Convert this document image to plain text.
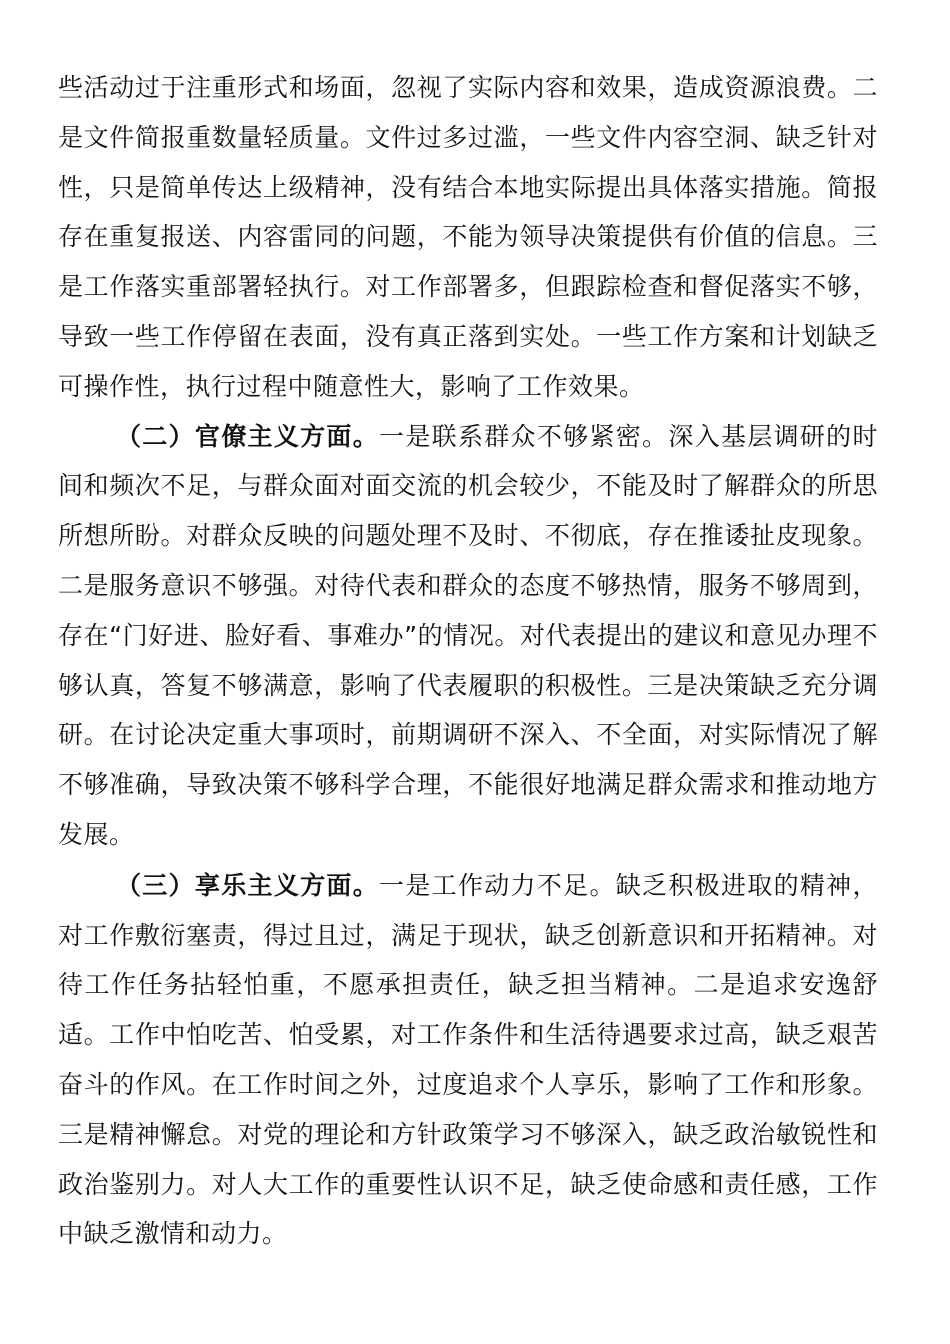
些活动过于注重形式和场面，忽视了实际内容和效果，造成资源浪费。二是文件简报重数量轻质量。文件过多过滥，一些文件内容空洞、缺乏针对性，只是简单传达上级精神，没有结合本地实际提出具体落实措施。简报存在重复报送、内容雷同的问题，不能为领导决策提供有价值的信息。三是工作落实重部署轻执行。对工作部署多，但跟踪检查和督促落实不够，导致一些工作停留在表面，没有真正落到实处。一些工作方案和计划缺乏可操作性，执行过程中随意性大，影响了工作效果。

（二）官僚主义方面。一是联系群众不够紧密。深入基层调研的时间和频次不足，与群众面对面交流的机会较少，不能及时了解群众的所思所想所盼。对群众反映的问题处理不及时、不彻底，存在推诿扯皮现象。二是服务意识不够强。对待代表和群众的态度不够热情，服务不够周到，存在“门好进、脸好看、事难办”的情况。对代表提出的建议和意见办理不够认真，答复不够满意，影响了代表履职的积极性。三是决策缺乏充分调研。在讨论决定重大事项时，前期调研不深入、不全面，对实际情况了解不够准确，导致决策不够科学合理，不能很好地满足群众需求和推动地方发展。

（三）享乐主义方面。一是工作动力不足。缺乏积极进取的精神，对工作敷衍塞责，得过且过，满足于现状，缺乏创新意识和开拓精神。对待工作任务拈轻怕重，不愿承担责任，缺乏担当精神。二是追求安逸舒适。工作中怕吃苦、怕受累，对工作条件和生活待遇要求过高，缺乏艰苦奋斗的作风。在工作时间之外，过度追求个人享乐，影响了工作和形象。三是精神懈怠。对党的理论和方针政策学习不够深入，缺乏政治敏锐性和政治鉴别力。对人大工作的重要性认识不足，缺乏使命感和责任感，工作中缺乏激情和动力。
